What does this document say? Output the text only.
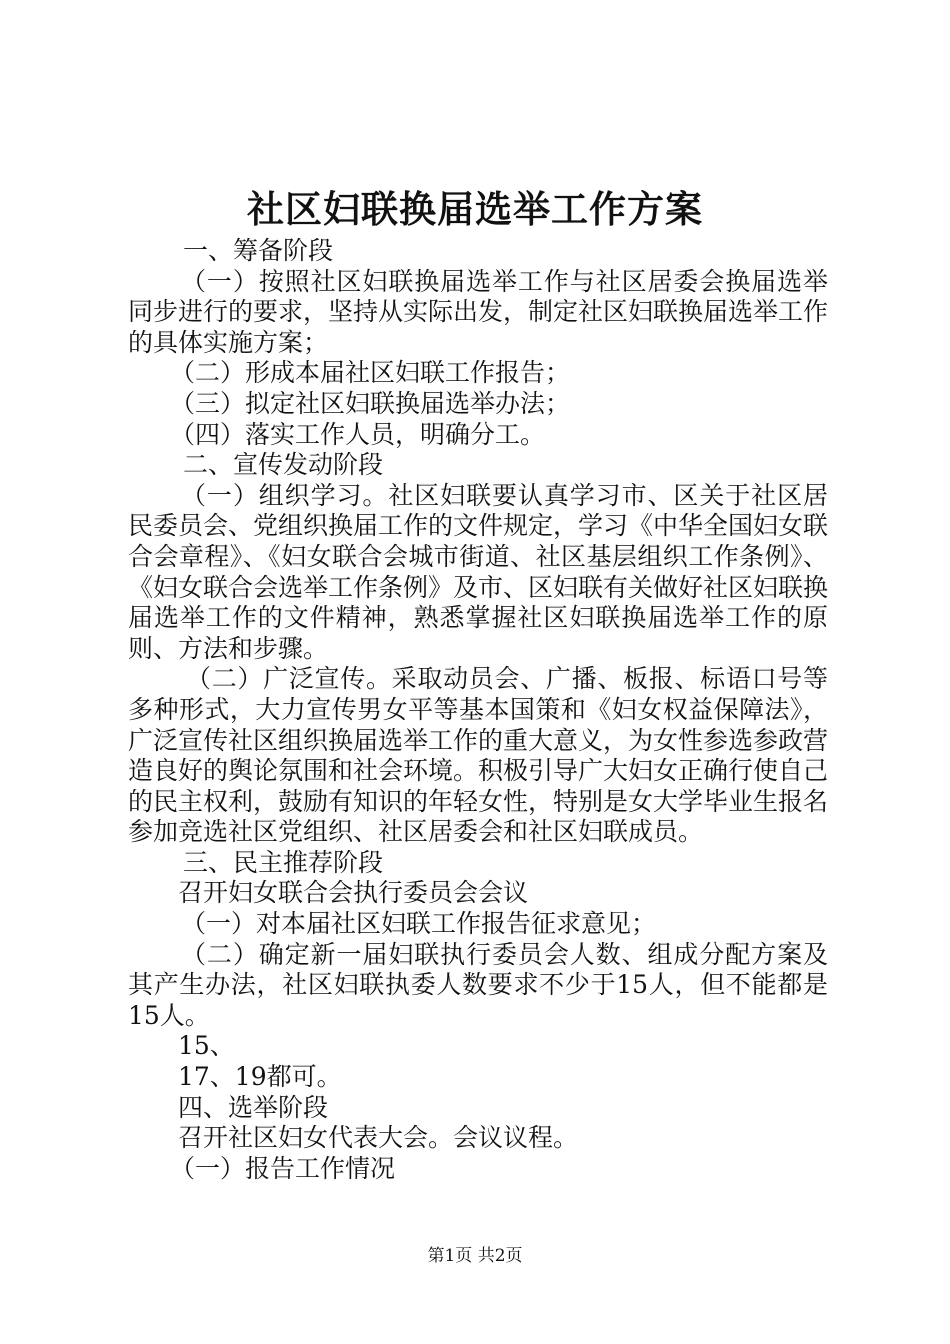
社区妇联换届选举工作方案

一、筹备阶段

（一）按照社区妇联换届选举工作与社区居委会换届选举同步进行的要求，坚持从实际出发，制定社区妇联换届选举工作的具体实施方案；

（二）形成本届社区妇联工作报告；

（三）拟定社区妇联换届选举办法；

（四）落实工作人员，明确分工。

二、宣传发动阶段

（一）组织学习。社区妇联要认真学习市、区关于社区居民委员会、党组织换届工作的文件规定，学习《中华全国妇女联合会章程》、《妇女联合会城市街道、社区基层组织工作条例》、《妇女联合会选举工作条例》及市、区妇联有关做好社区妇联换届选举工作的文件精神，熟悉掌握社区妇联换届选举工作的原则、方法和步骤。

（二）广泛宣传。采取动员会、广播、板报、标语口号等多种形式，大力宣传男女平等基本国策和《妇女权益保障法》，广泛宣传社区组织换届选举工作的重大意义，为女性参选参政营造良好的舆论氛围和社会环境。积极引导广大妇女正确行使自己的民主权利，鼓励有知识的年轻女性，特别是女大学毕业生报名参加竞选社区党组织、社区居委会和社区妇联成员。

三、民主推荐阶段

召开妇女联合会执行委员会会议

（一）对本届社区妇联工作报告征求意见；

（二）确定新一届妇联执行委员会人数、组成分配方案及其产生办法，社区妇联执委人数要求不少于15人，但不能都是15人。

15、

17、19都可。

四、选举阶段

召开社区妇女代表大会。会议议程。

（一）报告工作情况

第1页 共2页
